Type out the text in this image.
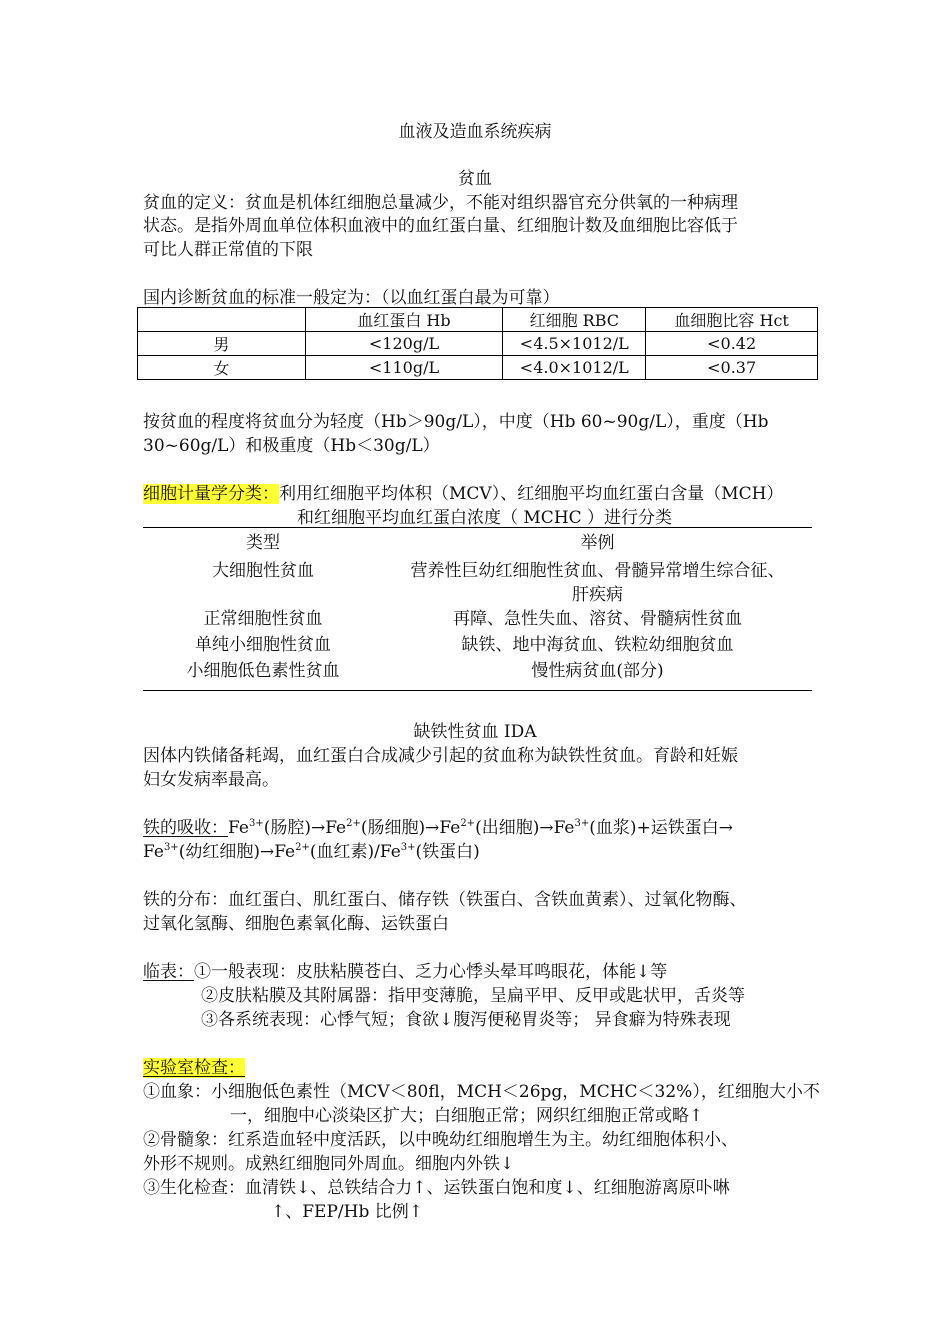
血液及造血系统疾病
贫血
贫血的定义：贫血是机体红细胞总量减少，不能对组织器官充分供氧的一种病理
状态。是指外周血单位体积血液中的血红蛋白量、红细胞计数及血细胞比容低于
可比人群正常值的下限
国内诊断贫血的标准一般定为：（以血红蛋白最为可靠）
	血红蛋白 Hb	红细胞 RBC	血细胞比容 Hct
男	<120g/L	<4.5×1012/L	<0.42
女	<110g/L	<4.0×1012/L	<0.37
按贫血的程度将贫血分为轻度（Hb＞90g/L），中度（Hb 60~90g/L），重度（Hb
30~60g/L）和极重度（Hb＜30g/L）
细胞计量学分类：利用红细胞平均体积（MCV）、红细胞平均血红蛋白含量（MCH）
和红细胞平均血红蛋白浓度（ MCHC ）进行分类
类型	举例
大细胞性贫血	营养性巨幼红细胞性贫血、骨髓异常增生综合征、
肝疾病
正常细胞性贫血	再障、急性失血、溶贫、骨髓病性贫血
单纯小细胞性贫血	缺铁、地中海贫血、铁粒幼细胞贫血
小细胞低色素性贫血	慢性病贫血(部分)
缺铁性贫血 IDA
因体内铁储备耗竭，血红蛋白合成减少引起的贫血称为缺铁性贫血。育龄和妊娠
妇女发病率最高。
铁的吸收：$Fe^{3+}$(肠腔)$\to Fe^{2+}$(肠细胞)$\to Fe^{2+}$(出细胞)$\to Fe^{3+}$(血浆)+运铁蛋白→
$Fe^{3+}$(幼红细胞)$\to Fe^{2+}$(血红素)$/Fe^{3+}$(铁蛋白)
铁的分布：血红蛋白、肌红蛋白、储存铁（铁蛋白、含铁血黄素）、过氧化物酶、
过氧化氢酶、细胞色素氧化酶、运铁蛋白
临表：①一般表现：皮肤粘膜苍白、乏力心悸头晕耳鸣眼花，体能↓等
②皮肤粘膜及其附属器：指甲变薄脆，呈扁平甲、反甲或匙状甲，舌炎等
③各系统表现：心悸气短；食欲↓腹泻便秘胃炎等； 异食癖为特殊表现
实验室检查：
①血象：小细胞低色素性（MCV＜80fl，MCH＜26pg，MCHC＜32%），红细胞大小不
一，细胞中心淡染区扩大；白细胞正常；网织红细胞正常或略↑
②骨髓象：红系造血轻中度活跃，以中晚幼红细胞增生为主。幼红细胞体积小、
外形不规则。成熟红细胞同外周血。细胞内外铁↓
③生化检查：血清铁↓、总铁结合力↑、运铁蛋白饱和度↓、红细胞游离原卟啉
↑、FEP/Hb 比例↑
